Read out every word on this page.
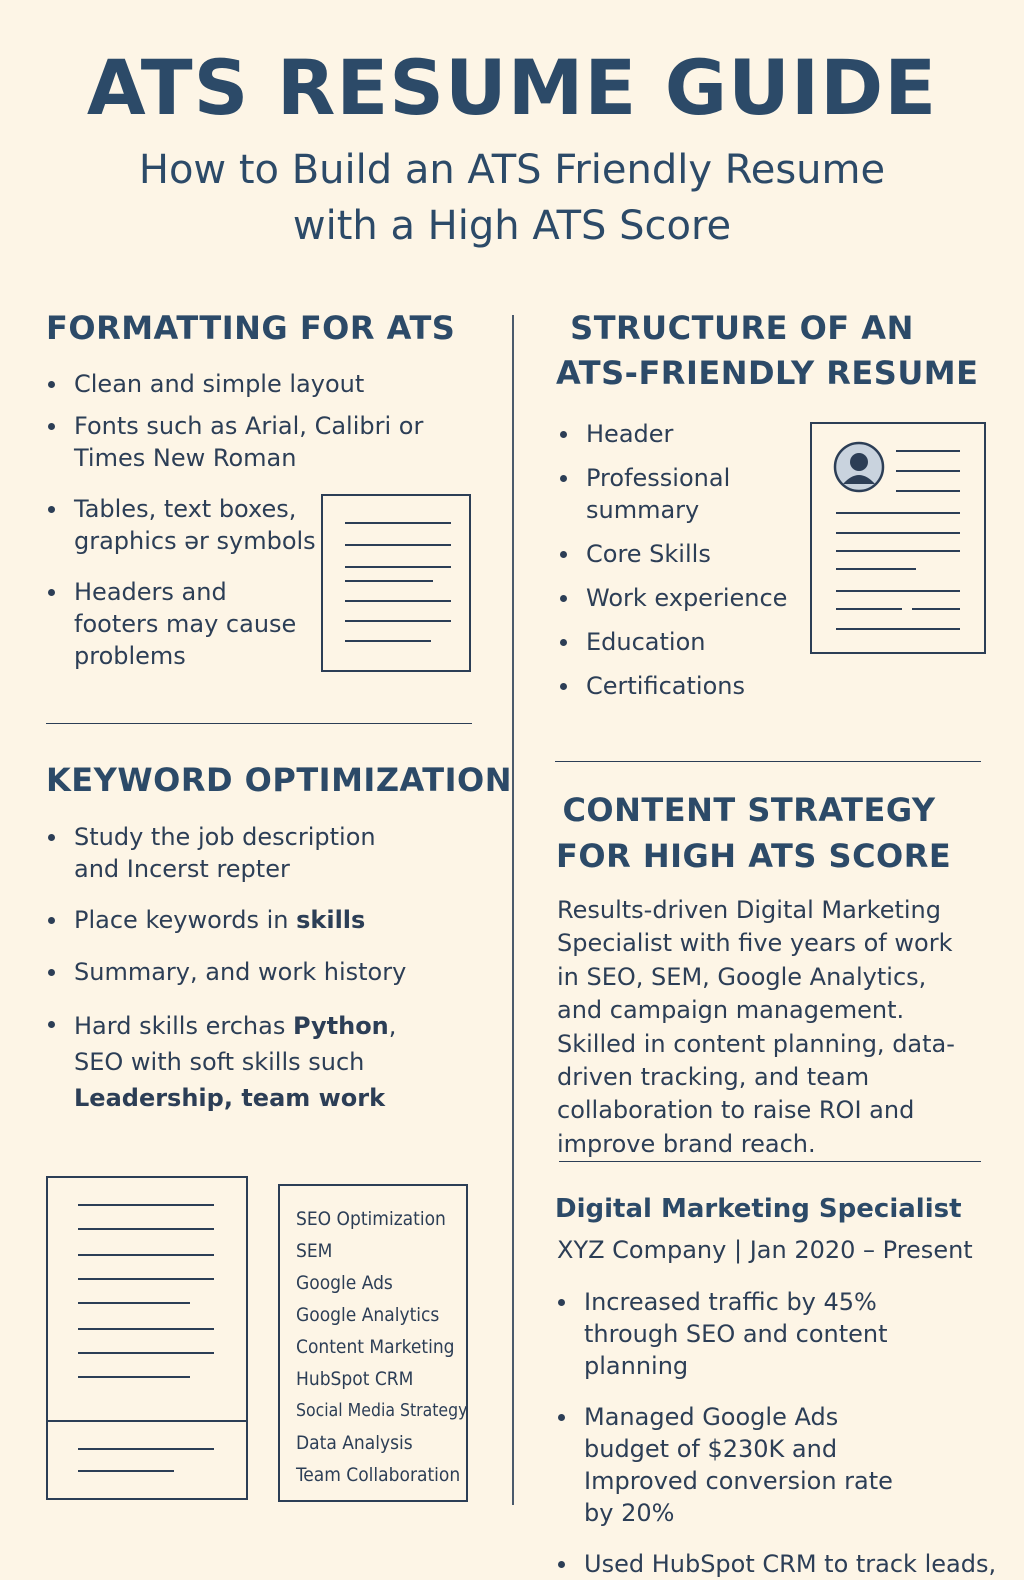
ATS RESUME GUIDE
How to Build an ATS Friendly Resume
with a High ATS Score
FORMATTING FOR ATS
Clean and simple layout
Fonts such as Arial, Calibri or Times New Roman
Tables, text boxes, graphics ər symbols
Headers and footers may cause problems
STRUCTURE OF AN
ATS-FRIENDLY RESUME
Header
Professional summary
Core Skills
Work experience
Education
Certifications
KEYWORD OPTIMIZATION
Study the job description and Incerst repter
Place keywords in skills
Summary, and work history
Hard skills erchas Python, SEO with soft skills such Leadership, team work
SEO Optimization
SEM
Google Ads
Google Analytics
Content Marketing
HubSpot CRM
Social Media Strategy
Data Analysis
Team Collaboration
CONTENT STRATEGY
FOR HIGH ATS SCORE
Results-driven Digital Marketing Specialist with five years of work in SEO, SEM, Google Analytics, and campaign management. Skilled in content planning, data-driven tracking, and team collaboration to raise ROI and improve brand reach.
Digital Marketing Specialist
XYZ Company | Jan 2020 – Present
Increased traffic by 45% through SEO and content planning
Managed Google Ads budget of $230K and Improved conversion rate by 20%
Used HubSpot CRM to track leads,
